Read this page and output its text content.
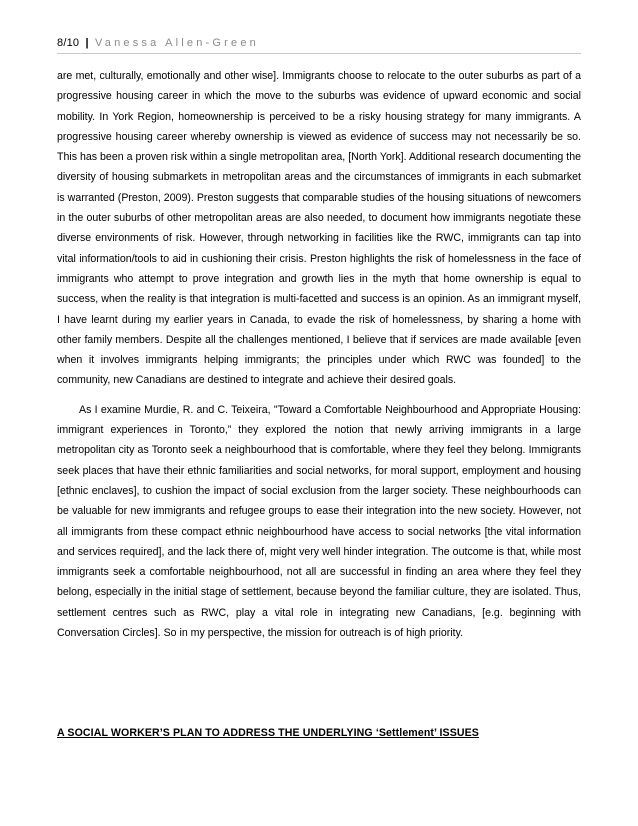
8/10 | Vanessa Allen-Green

are met, culturally, emotionally and other wise]. Immigrants choose to relocate to the outer suburbs as part of a progressive housing career in which the move to the suburbs was evidence of upward economic and social mobility. In York Region, homeownership is perceived to be a risky housing strategy for many immigrants. A progressive housing career whereby ownership is viewed as evidence of success may not necessarily be so. This has been a proven risk within a single metropolitan area, [North York]. Additional research documenting the diversity of housing submarkets in metropolitan areas and the circumstances of immigrants in each submarket is warranted (Preston, 2009). Preston suggests that comparable studies of the housing situations of newcomers in the outer suburbs of other metropolitan areas are also needed, to document how immigrants negotiate these diverse environments of risk. However, through networking in facilities like the RWC, immigrants can tap into vital information/tools to aid in cushioning their crisis. Preston highlights the risk of homelessness in the face of immigrants who attempt to prove integration and growth lies in the myth that home ownership is equal to success, when the reality is that integration is multi-facetted and success is an opinion. As an immigrant myself, I have learnt during my earlier years in Canada, to evade the risk of homelessness, by sharing a home with other family members. Despite all the challenges mentioned, I believe that if services are made available [even when it involves immigrants helping immigrants; the principles under which RWC was founded] to the community, new Canadians are destined to integrate and achieve their desired goals.

As I examine Murdie, R. and C. Teixeira, "Toward a Comfortable Neighbourhood and Appropriate Housing: immigrant experiences in Toronto,” they explored the notion that newly arriving immigrants in a large metropolitan city as Toronto seek a neighbourhood that is comfortable, where they feel they belong. Immigrants seek places that have their ethnic familiarities and social networks, for moral support, employment and housing [ethnic enclaves], to cushion the impact of social exclusion from the larger society. These neighbourhoods can be valuable for new immigrants and refugee groups to ease their integration into the new society. However, not all immigrants from these compact ethnic neighbourhood have access to social networks [the vital information and services required], and the lack there of, might very well hinder integration. The outcome is that, while most immigrants seek a comfortable neighbourhood, not all are successful in finding an area where they feel they belong, especially in the initial stage of settlement, because beyond the familiar culture, they are isolated. Thus, settlement centres such as RWC, play a vital role in integrating new Canadians, [e.g. beginning with Conversation Circles]. So in my perspective, the mission for outreach is of high priority.

A SOCIAL WORKER’S PLAN TO ADDRESS THE UNDERLYING ‘Settlement’ ISSUES
